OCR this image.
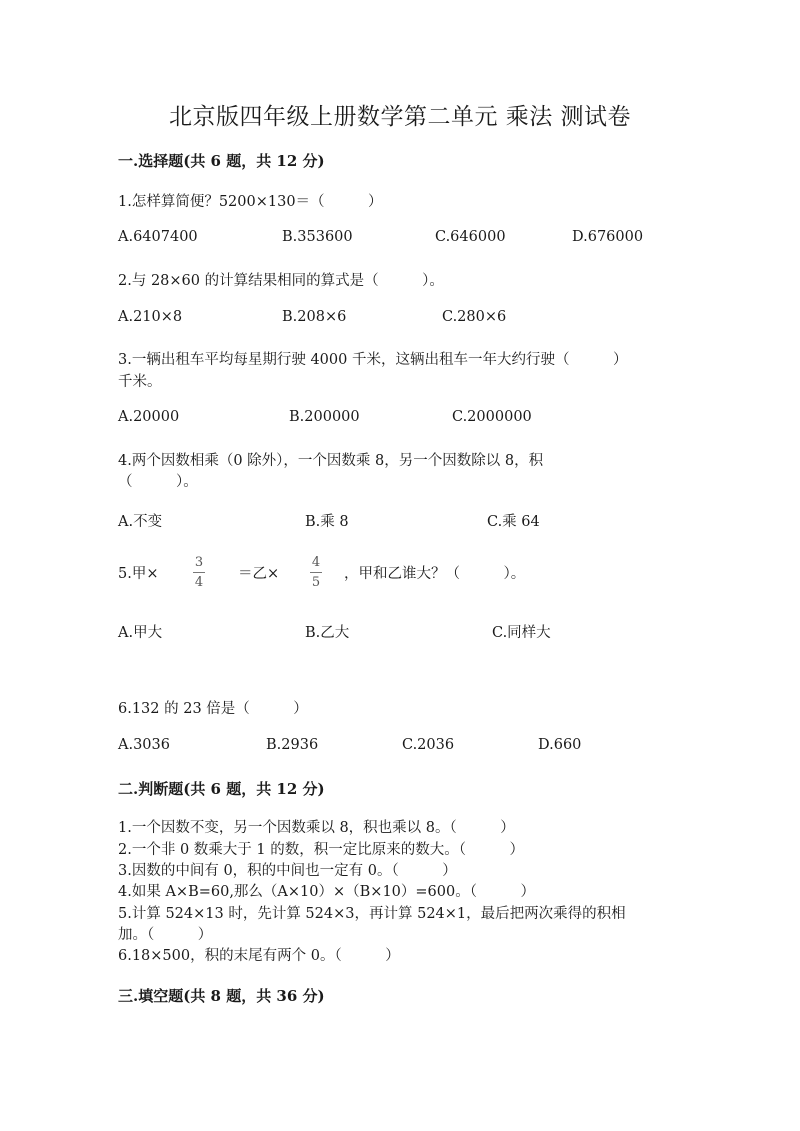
北京版四年级上册数学第二单元 乘法 测试卷
一.选择题(共 6 题，共 12 分)
1.怎样算简便？5200×130＝（　　　）
A.6407400	B.353600	C.646000	D.676000
2.与 28×60 的计算结果相同的算式是（　　　）。
A.210×8	B.208×6	C.280×6
3.一辆出租车平均每星期行驶 4000 千米，这辆出租车一年大约行驶（　　　）
千米。
A.20000	B.200000	C.2000000
4.两个因数相乘（0 除外），一个因数乘 8，另一个因数除以 8，积
（　　　）。
A.不变	B.乘 8	C.乘 64
5.甲×
3
4
＝乙×
4
5
，甲和乙谁大？（　　　）。
A.甲大	B.乙大	C.同样大
6.132 的 23 倍是（　　　）
A.3036	B.2936	C.2036	D.660
二.判断题(共 6 题，共 12 分)
1.一个因数不变，另一个因数乘以 8，积也乘以 8。（　　　）
2.一个非 0 数乘大于 1 的数，积一定比原来的数大。（　　　）
3.因数的中间有 0，积的中间也一定有 0。（　　　）
4.如果 A×B=60,那么（A×10）×（B×10）=600。（　　　）
5.计算 524×13 时，先计算 524×3，再计算 524×1，最后把两次乘得的积相
加。（　　　）
6.18×500，积的末尾有两个 0。（　　　）
三.填空题(共 8 题，共 36 分)
